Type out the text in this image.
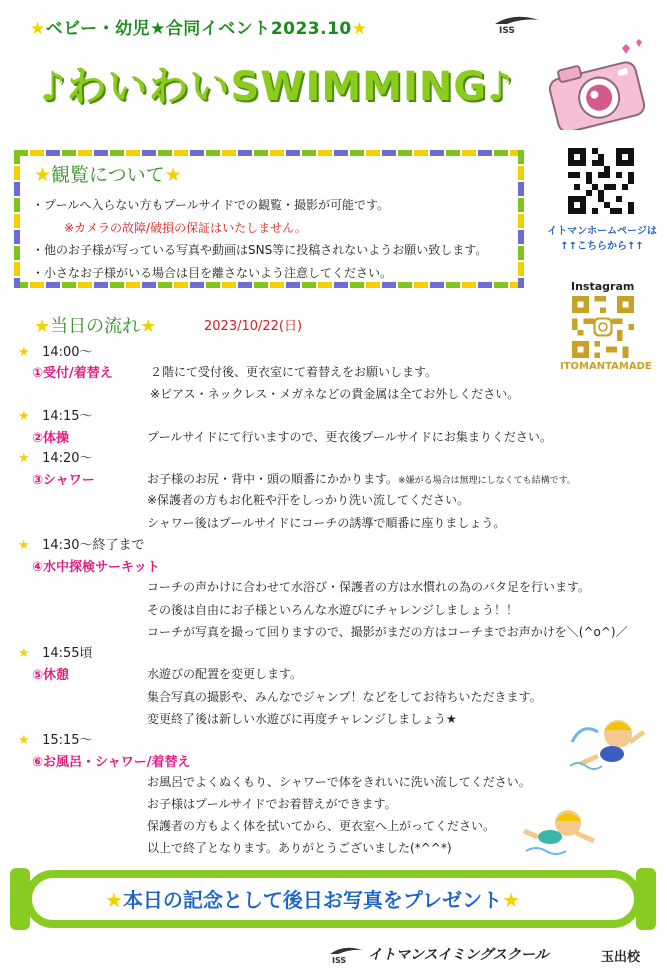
★ベビー・幼児★合同イベント2023.10★	ISS
♪わいわいSWIMMING♪
★観覧について★
・プールへ入らない方もプールサイドでの観覧・撮影が可能です。
※カメラの故障/破損の保証はいたしません。
・他のお子様が写っている写真や動画はSNS等に投稿されないようお願い致します。
・小さなお子様がいる場合は目を離さないよう注意してください。
イトマンホームページは
↑↑こちらから↑↑
Instagram
ITOMANTAMADE
★当日の流れ★	2023/10/22(日)
★ 14:00～
①受付/着替え	２階にて受付後、更衣室にて着替えをお願いします。
※ピアス・ネックレス・メガネなどの貴金属は全てお外しください。
★ 14:15～
②体操	プールサイドにて行いますので、更衣後プールサイドにお集まりください。
★ 14:20～
③シャワー	お子様のお尻・背中・頭の順番にかかります。※嫌がる場合は無理にしなくても結構です。
※保護者の方もお化粧や汗をしっかり洗い流してください。
シャワー後はプールサイドにコーチの誘導で順番に座りましょう。
★ 14:30～終了まで
④水中探検サーキット
コーチの声かけに合わせて水浴び・保護者の方は水慣れの為のバタ足を行います。
その後は自由にお子様といろんな水遊びにチャレンジしましょう！！
コーチが写真を撮って回りますので、撮影がまだの方はコーチまでお声かけを＼(^o^)／
★ 14:55頃
⑤休憩	水遊びの配置を変更します。
集合写真の撮影や、みんなでジャンプ！などをしてお待ちいただきます。
変更終了後は新しい水遊びに再度チャレンジしましょう★
★ 15:15～
⑥お風呂・シャワー/着替え
お風呂でよくぬくもり、シャワーで体をきれいに洗い流してください。
お子様はプールサイドでお着替えができます。
保護者の方もよく体を拭いてから、更衣室へ上がってください。
以上で終了となります。ありがとうございました(*^^*)
★本日の記念として後日お写真をプレゼント★
ISS イトマンスイミングスクール	玉出校
